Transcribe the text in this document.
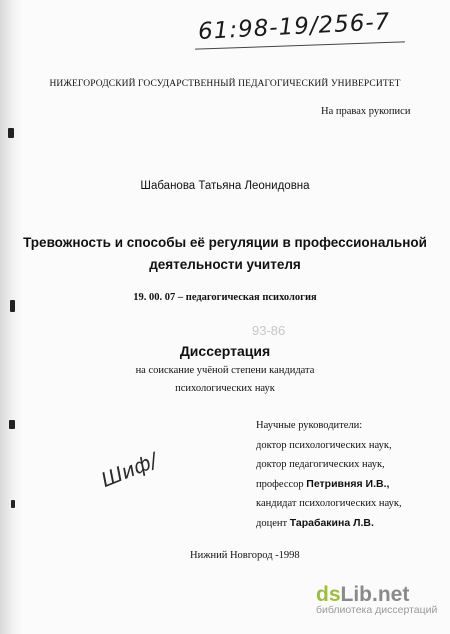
61:98-19/256-7
НИЖЕГОРОДСКИЙ ГОСУДАРСТВЕННЫЙ ПЕДАГОГИЧЕСКИЙ УНИВЕРСИТЕТ
На правах рукописи
Шабанова Татьяна Леонидовна
Тревожность и способы её регуляции в профессиональной
деятельности учителя
19. 00. 07 – педагогическая психология
93-86
Диссертация
на соискание учёной степени кандидата
психологических наук
Научные руководители:
доктор психологических наук,
доктор педагогических наук,
профессор Петривняя И.В.,
кандидат психологических наук,
доцент Тарабакина Л.В.
Шиф/
Нижний Новгород -1998
dsLib.net
библиотека диссертаций
